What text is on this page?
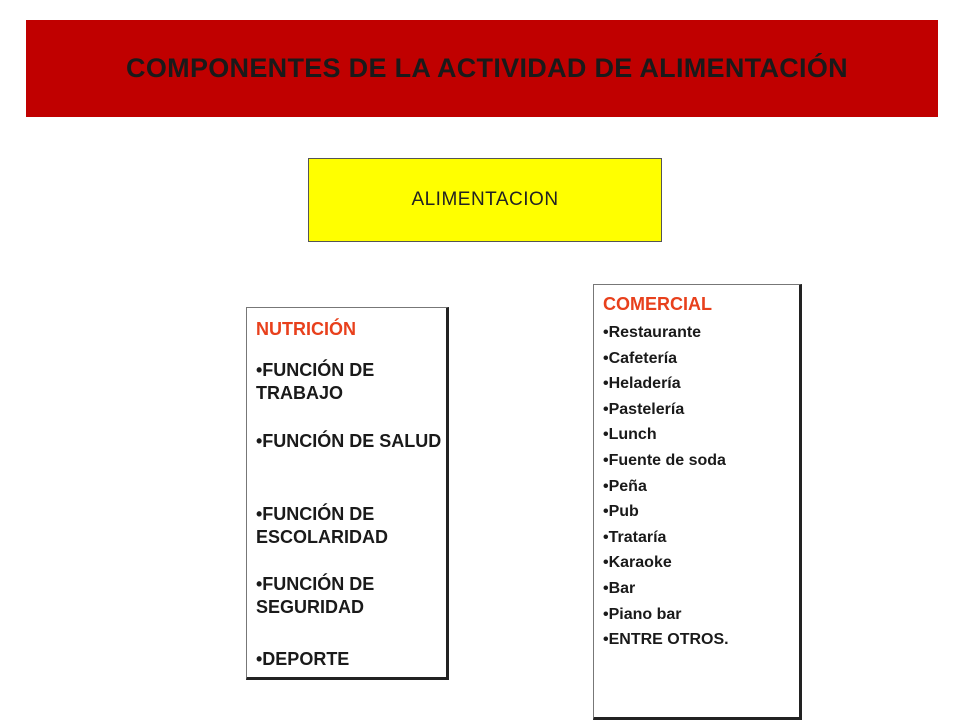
COMPONENTES DE LA ACTIVIDAD DE ALIMENTACIÓN
ALIMENTACION
NUTRICIÓN
•FUNCIÓN DE TRABAJO
•FUNCIÓN DE SALUD
•FUNCIÓN DE ESCOLARIDAD
•FUNCIÓN DE SEGURIDAD
•DEPORTE
COMERCIAL
•Restaurante
•Cafetería
•Heladería
•Pastelería
•Lunch
•Fuente de soda
•Peña
•Pub
•Trataría
•Karaoke
•Bar
•Piano bar
•ENTRE OTROS.
